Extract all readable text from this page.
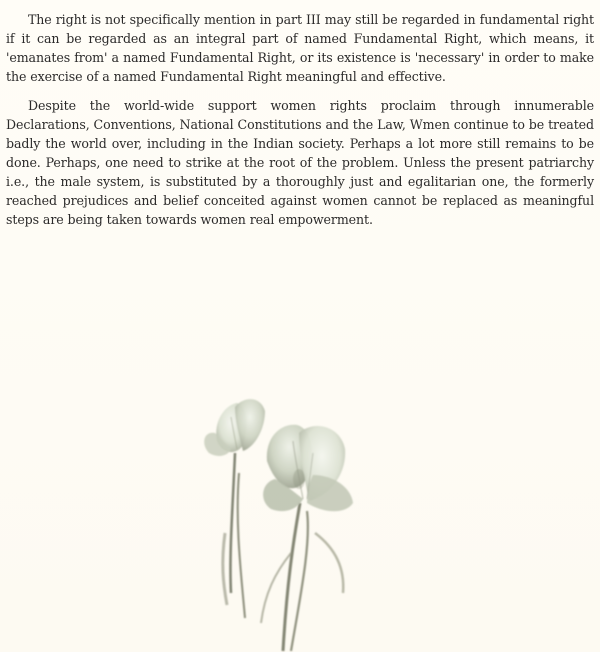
The right is not specifically mention in part III may still be regarded in fundamental right if it can be regarded as an integral part of named Fundamental Right, which means, it 'emanates from' a named Fundamental Right, or its existence is 'necessary' in order to make the exercise of a named Fundamental Right meaningful and effective.

Despite the world-wide support women rights proclaim through innumerable Declarations, Conventions, National Constitutions and the Law, Wmen continue to be treated badly the world over, including in the Indian society. Perhaps a lot more still remains to be done. Perhaps, one need to strike at the root of the problem. Unless the present patriarchy i.e., the male system, is substituted by a thoroughly just and egalitarian one, the formerly reached prejudices and belief conceited against women cannot be replaced as meaningful steps are being taken towards women real empowerment.
